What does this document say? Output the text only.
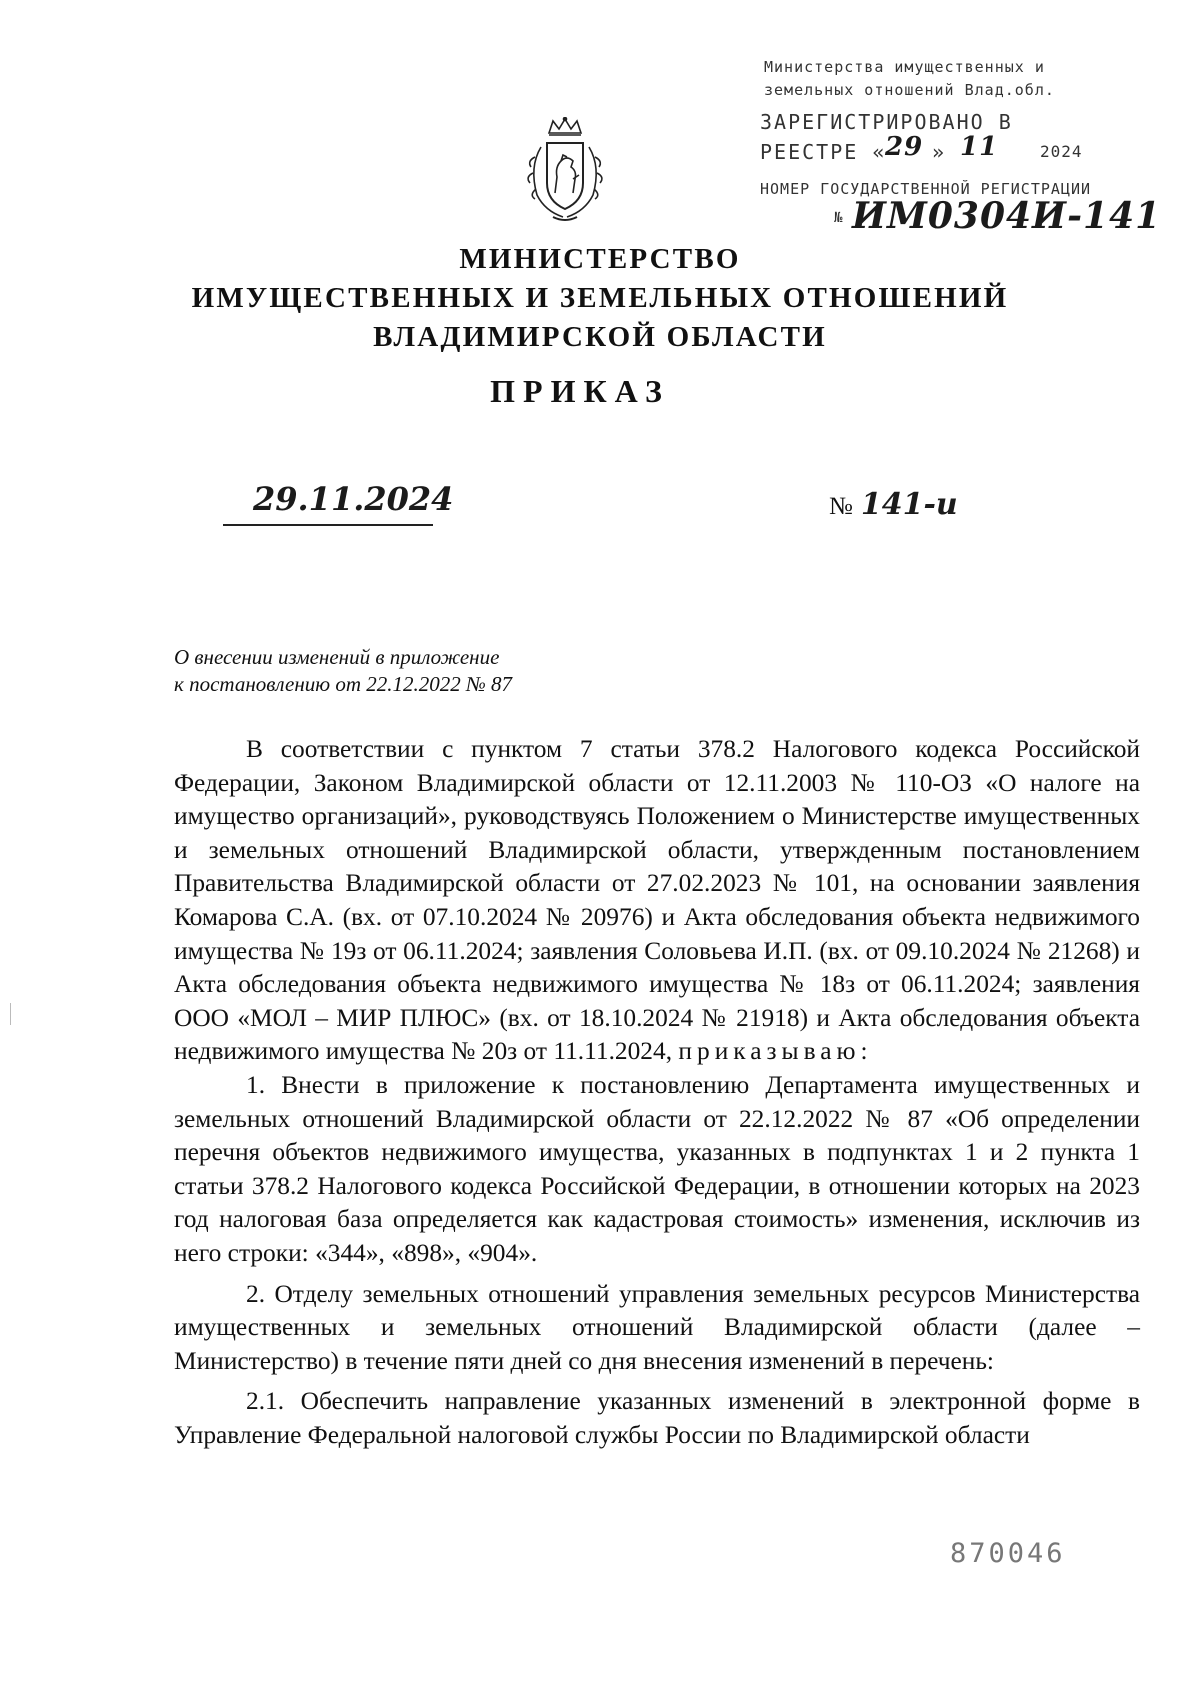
Министерства имущественных и
земельных отношений Влад.обл.
ЗАРЕГИСТРИРОВАНО В
РЕЕСТРЕ «
29 » 11	2024
НОМЕР ГОСУДАРСТВЕННОЙ РЕГИСТРАЦИИ
№ ИМ0304И-141
МИНИСТЕРСТВО
ИМУЩЕСТВЕННЫХ И ЗЕМЕЛЬНЫХ ОТНОШЕНИЙ
ВЛАДИМИРСКОЙ ОБЛАСТИ
ПРИКАЗ
29.11.2024	№ 141-и
О внесении изменений в приложение
к постановлению от 22.12.2022 № 87

В соответствии с пунктом 7 статьи 378.2 Налогового кодекса Российской Федерации, Законом Владимирской области от 12.11.2003 № 110-ОЗ «О налоге на имущество организаций», руководствуясь Положением о Министерстве имущественных и земельных отношений Владимирской области, утвержденным постановлением Правительства Владимирской области от 27.02.2023 № 101, на основании заявления Комарова С.А. (вх. от 07.10.2024 № 20976) и Акта обследования объекта недвижимого имущества № 19з от 06.11.2024; заявления Соловьева И.П. (вх. от 09.10.2024 № 21268) и Акта обследования объекта недвижимого имущества № 18з от 06.11.2024; заявления ООО «МОЛ – МИР ПЛЮС» (вх. от 18.10.2024 № 21918) и Акта обследования объекта недвижимого имущества № 20з от 11.11.2024, приказываю:

1. Внести в приложение к постановлению Департамента имущественных и земельных отношений Владимирской области от 22.12.2022 № 87 «Об определении перечня объектов недвижимого имущества, указанных в подпунктах 1 и 2 пункта 1 статьи 378.2 Налогового кодекса Российской Федерации, в отношении которых на 2023 год налоговая база определяется как кадастровая стоимость» изменения, исключив из него строки: «344», «898», «904».

2. Отделу земельных отношений управления земельных ресурсов Министерства имущественных и земельных отношений Владимирской области (далее – Министерство) в течение пяти дней со дня внесения изменений в перечень:

2.1. Обеспечить направление указанных изменений в электронной форме в Управление Федеральной налоговой службы России по Владимирской области

870046
